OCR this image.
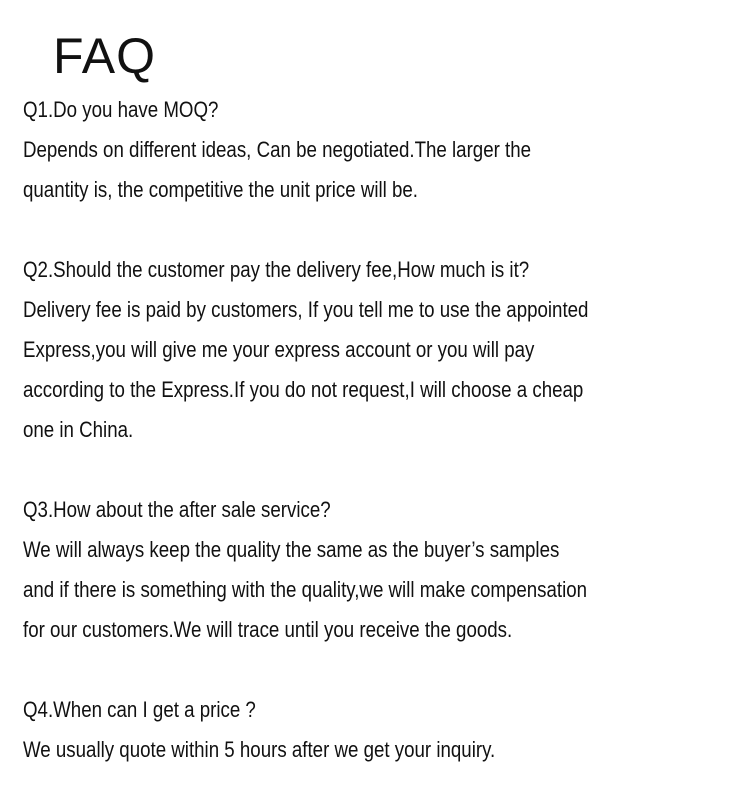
FAQ

Q1.Do you have MOQ?

Depends on different ideas, Can be negotiated.The larger the

quantity is, the competitive the unit price will be.

Q2.Should the customer pay the delivery fee,How much is it?

Delivery fee is paid by customers, If you tell me to use the appointed

Express,you will give me your express account or you will pay

according to the Express.If you do not request,I will choose a cheap

one in China.

Q3.How about the after sale service?

We will always keep the quality the same as the buyer’s samples

and if there is something with the quality,we will make compensation

for our customers.We will trace until you receive the goods.

Q4.When can I get a price ?

We usually quote within 5 hours after we get your inquiry.
